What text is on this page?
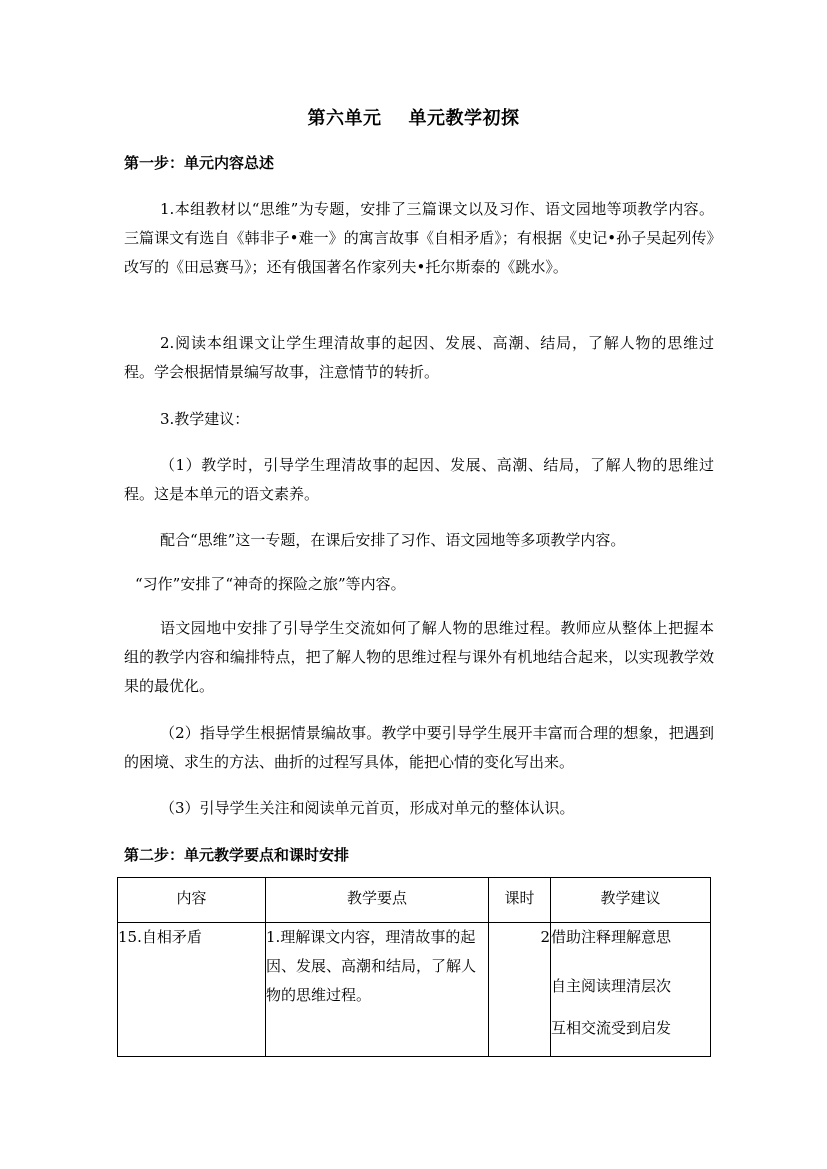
第六单元    单元教学初探
第一步：单元内容总述
1.本组教材以“思维”为专题，安排了三篇课文以及习作、语文园地等项教学内容。三篇课文有选自《韩非子•难一》的寓言故事《自相矛盾》；有根据《史记•孙子吴起列传》改写的《田忌赛马》；还有俄国著名作家列夫•托尔斯泰的《跳水》。
2.阅读本组课文让学生理清故事的起因、发展、高潮、结局，了解人物的思维过程。学会根据情景编写故事，注意情节的转折。
3.教学建议：
（1）教学时，引导学生理清故事的起因、发展、高潮、结局，了解人物的思维过程。这是本单元的语文素养。
配合“思维”这一专题，在课后安排了习作、语文园地等多项教学内容。
“习作”安排了“神奇的探险之旅”等内容。
语文园地中安排了引导学生交流如何了解人物的思维过程。教师应从整体上把握本组的教学内容和编排特点，把了解人物的思维过程与课外有机地结合起来，以实现教学效果的最优化。
（2）指导学生根据情景编故事。教学中要引导学生展开丰富而合理的想象，把遇到的困境、求生的方法、曲折的过程写具体，能把心情的变化写出来。
（3）引导学生关注和阅读单元首页，形成对单元的整体认识。
第二步：单元教学要点和课时安排
内容	教学要点	课时	教学建议
15.自相矛盾	1.理解课文内容，理清故事的起因、发展、高潮和结局，了解人物的思维过程。	2	借助注释理解意思
自主阅读理清层次
互相交流受到启发
